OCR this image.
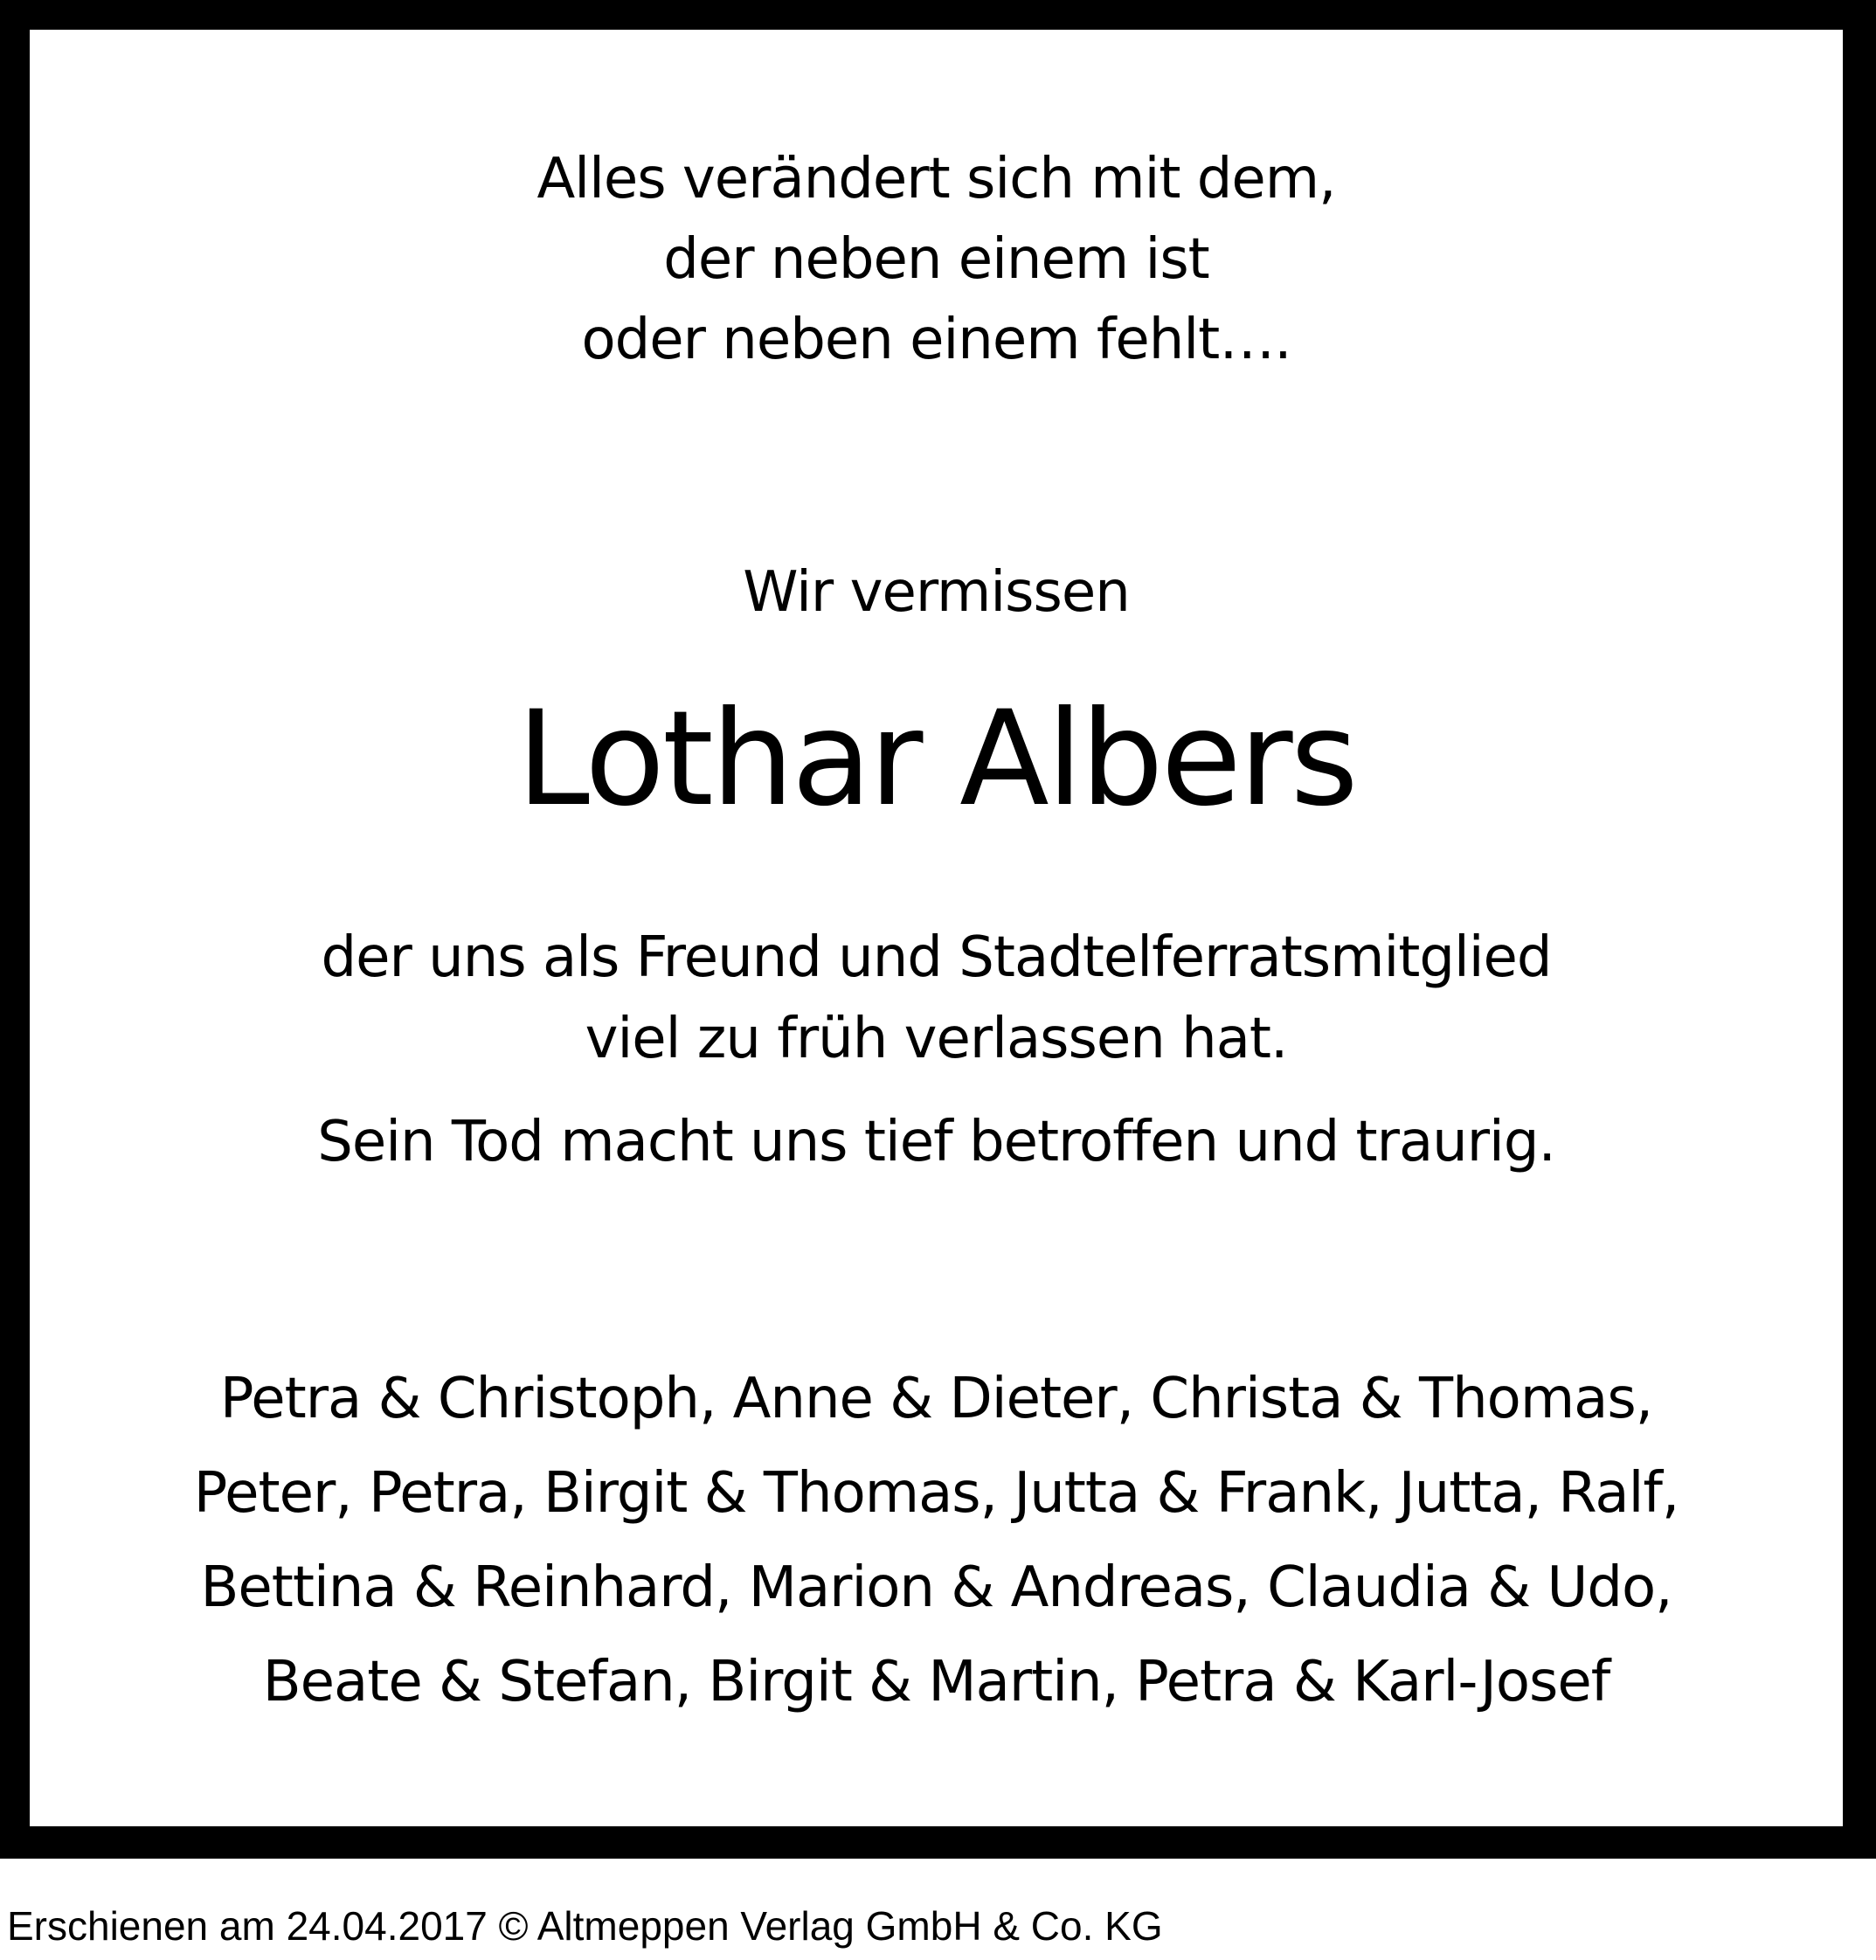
Alles verändert sich mit dem,
der neben einem ist
oder neben einem fehlt….
Wir vermissen
Lothar Albers
der uns als Freund und Stadtelferratsmitglied
viel zu früh verlassen hat.
Sein Tod macht uns tief betroffen und traurig.
Petra & Christoph, Anne & Dieter, Christa & Thomas,
Peter, Petra, Birgit & Thomas, Jutta & Frank, Jutta, Ralf,
Bettina & Reinhard, Marion & Andreas, Claudia & Udo,
Beate & Stefan, Birgit & Martin, Petra & Karl-Josef
Erschienen am 24.04.2017 © Altmeppen Verlag GmbH & Co. KG
